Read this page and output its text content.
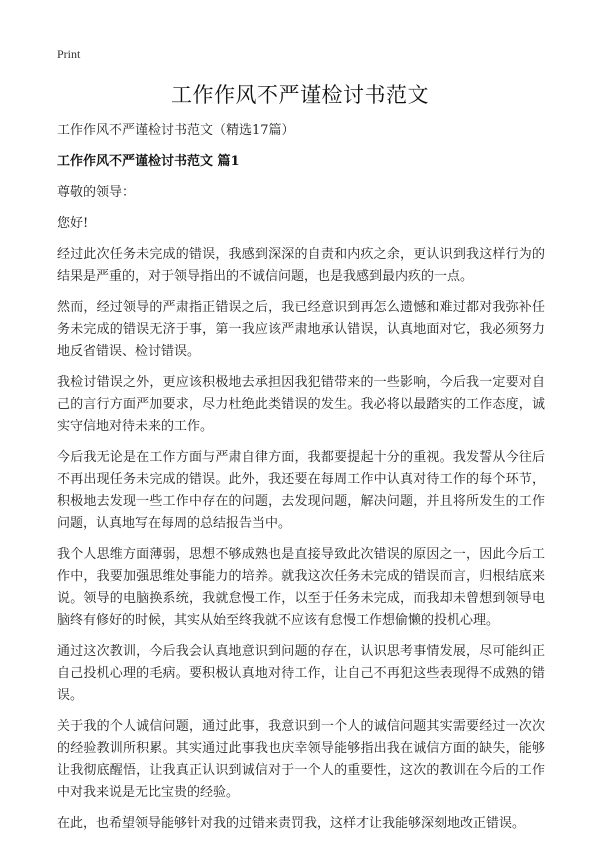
Print
工作作风不严谨检讨书范文

工作作风不严谨检讨书范文（精选17篇）

工作作风不严谨检讨书范文 篇1

尊敬的领导：

您好!

经过此次任务未完成的错误，我感到深深的自责和内疚之余，更认识到我这样行为的结果是严重的，对于领导指出的不诚信问题，也是我感到最内疚的一点。

然而，经过领导的严肃指正错误之后，我已经意识到再怎么遗憾和难过都对我弥补任务未完成的错误无济于事，第一我应该严肃地承认错误，认真地面对它，我必须努力地反省错误、检讨错误。

我检讨错误之外，更应该积极地去承担因我犯错带来的一些影响，今后我一定要对自己的言行方面严加要求，尽力杜绝此类错误的发生。我必将以最踏实的工作态度，诚实守信地对待未来的工作。

今后我无论是在工作方面与严肃自律方面，我都要提起十分的重视。我发誓从今往后不再出现任务未完成的错误。此外，我还要在每周工作中认真对待工作的每个环节，积极地去发现一些工作中存在的问题，去发现问题，解决问题，并且将所发生的工作问题，认真地写在每周的总结报告当中。

我个人思维方面薄弱，思想不够成熟也是直接导致此次错误的原因之一，因此今后工作中，我要加强思维处事能力的培养。就我这次任务未完成的错误而言，归根结底来说。领导的电脑换系统，我就怠慢工作，以至于任务未完成，而我却未曾想到领导电脑终有修好的时候，其实从始至终我就不应该有怠慢工作想偷懒的投机心理。

通过这次教训，今后我会认真地意识到问题的存在，认识思考事情发展，尽可能纠正自己投机心理的毛病。要积极认真地对待工作，让自己不再犯这些表现得不成熟的错误。

关于我的个人诚信问题，通过此事，我意识到一个人的诚信问题其实需要经过一次次的经验教训所积累。其实通过此事我也庆幸领导能够指出我在诚信方面的缺失，能够让我彻底醒悟，让我真正认识到诚信对于一个人的重要性，这次的教训在今后的工作中对我来说是无比宝贵的经验。

在此，也希望领导能够针对我的过错来责罚我，这样才让我能够深刻地改正错误。
